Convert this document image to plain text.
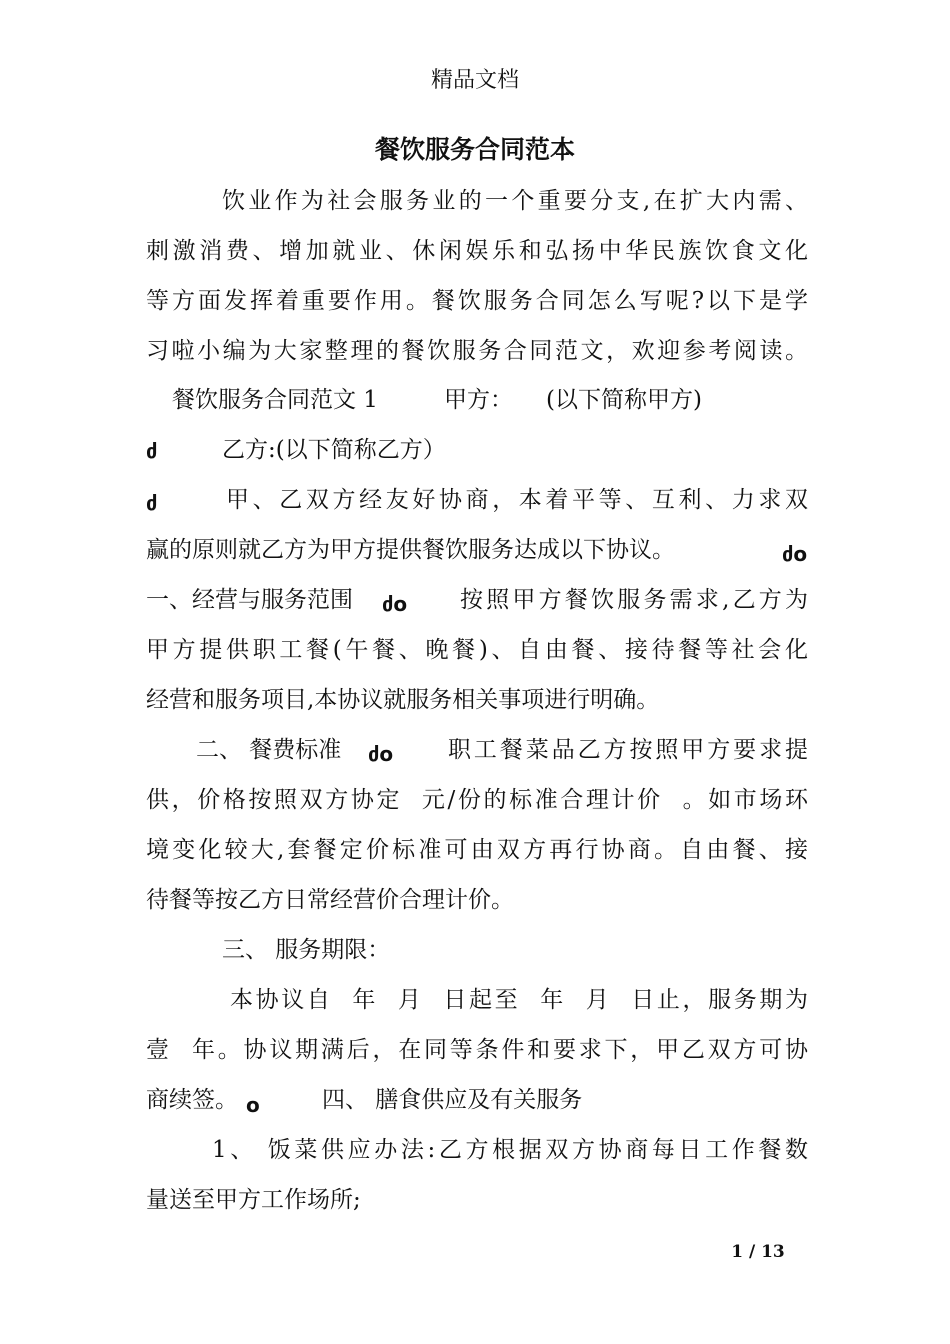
精品文档
餐饮服务合同范本
饮业作为社会服务业的一个重要分支,在扩大内需、
刺激消费、增加就业、休闲娱乐和弘扬中华民族饮食文化
等方面发挥着重要作用。餐饮服务合同怎么写呢?以下是学
习啦小编为大家整理的餐饮服务合同范文，欢迎参考阅读。
餐饮服务合同范文 1	甲方： (以下简称甲方)
ძ	乙方:(以下简称乙方）
ძ	甲、乙双方经友好协商，本着平等、互利、力求双
赢的原则就乙方为甲方提供餐饮服务达成以下协议。	ძo
一、经营与服务范围 ძo 按照甲方餐饮服务需求,乙方为
甲方提供职工餐(午餐、晚餐)、自由餐、接待餐等社会化
经营和服务项目,本协议就服务相关事项进行明确。
二、 餐费标准 ძo 职工餐菜品乙方按照甲方要求提
供，价格按照双方协定  元/份的标准合理计价  。如市场环
境变化较大,套餐定价标准可由双方再行协商。自由餐、接
待餐等按乙方日常经营价合理计价。
三、 服务期限：
本协议自  年  月  日起至  年  月  日止，服务期为
壹  年。协议期满后，在同等条件和要求下，甲乙双方可协
商续签。 o	四、 膳食供应及有关服务
1、 饭菜供应办法:乙方根据双方协商每日工作餐数
量送至甲方工作场所;
1 / 13
